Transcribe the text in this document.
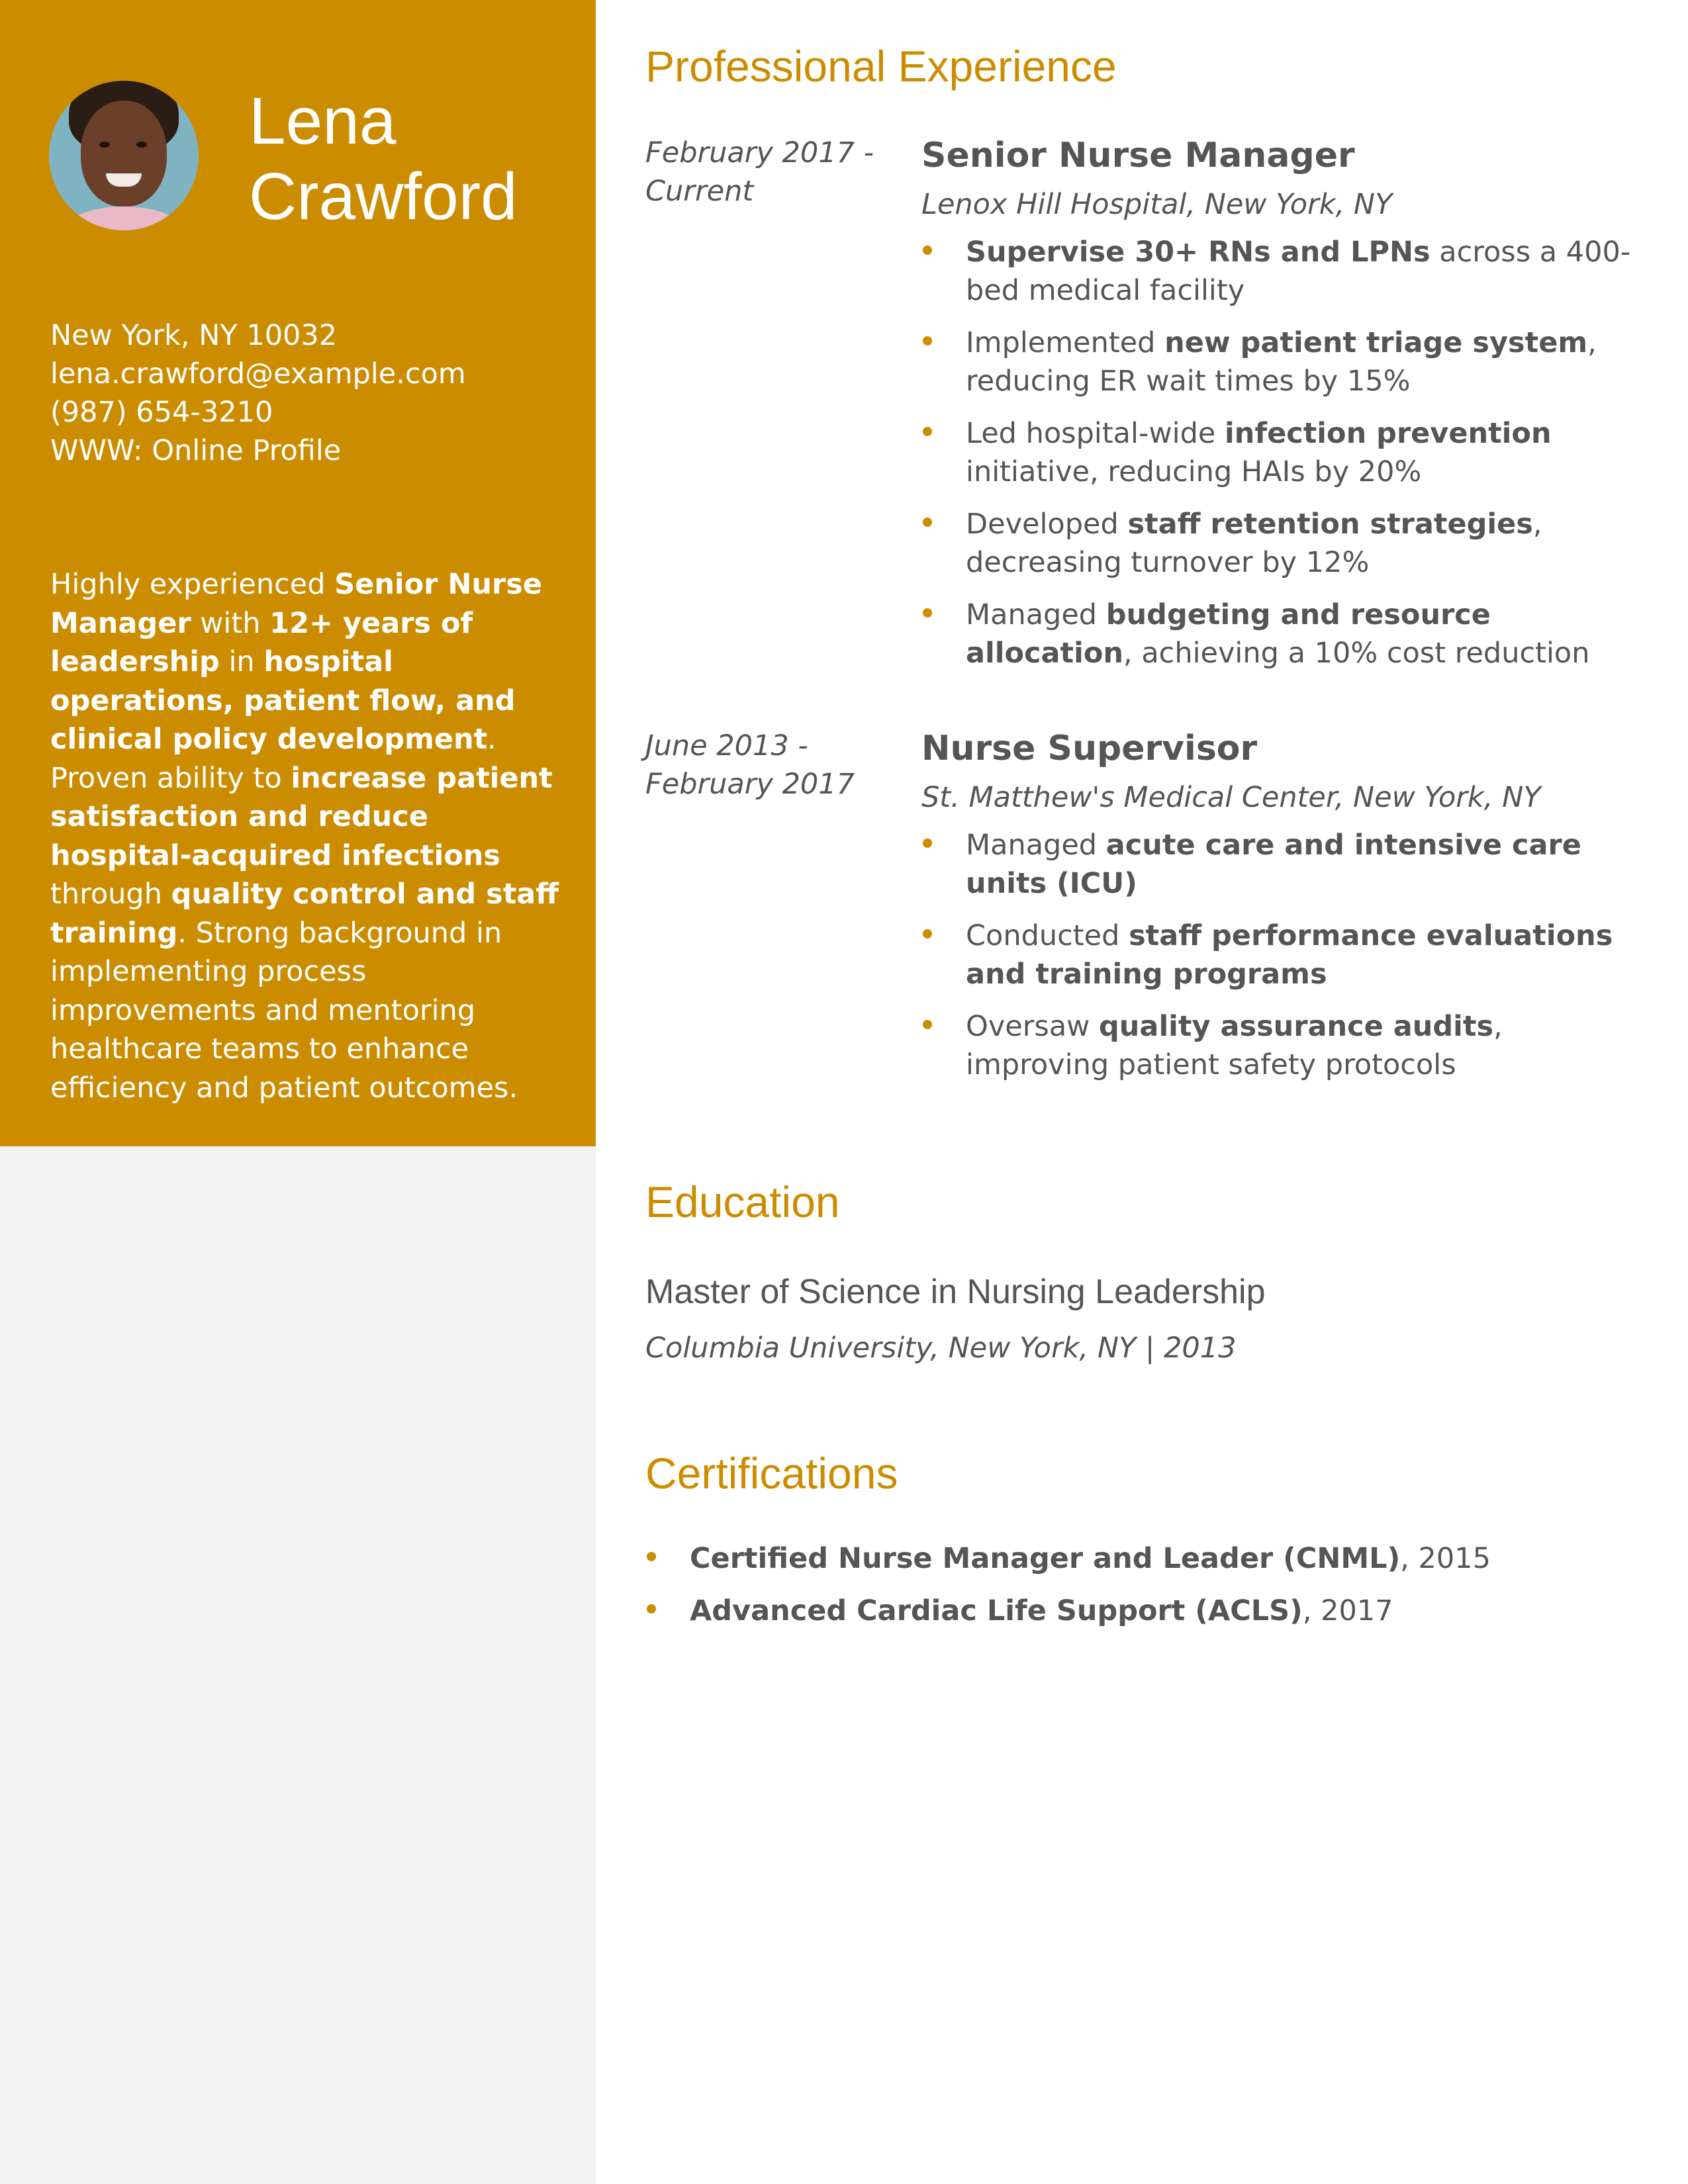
Lena
Crawford
New York, NY 10032
lena.crawford@example.com
(987) 654-3210
WWW: Online Profile
Highly experienced Senior Nurse Manager with 12+ years of leadership in hospital operations, patient flow, and clinical policy development. Proven ability to increase patient satisfaction and reduce hospital-acquired infections through quality control and staff training. Strong background in implementing process improvements and mentoring healthcare teams to enhance efficiency and patient outcomes.
Professional Experience
February 2017 - Current
Senior Nurse Manager
Lenox Hill Hospital, New York, NY
Supervise 30+ RNs and LPNs across a 400-bed medical facility
Implemented new patient triage system, reducing ER wait times by 15%
Led hospital-wide infection prevention initiative, reducing HAIs by 20%
Developed staff retention strategies, decreasing turnover by 12%
Managed budgeting and resource allocation, achieving a 10% cost reduction
June 2013 - February 2017
Nurse Supervisor
St. Matthew's Medical Center, New York, NY
Managed acute care and intensive care units (ICU)
Conducted staff performance evaluations and training programs
Oversaw quality assurance audits, improving patient safety protocols
Education
Master of Science in Nursing Leadership
Columbia University, New York, NY | 2013
Certifications
Certified Nurse Manager and Leader (CNML), 2015
Advanced Cardiac Life Support (ACLS), 2017
